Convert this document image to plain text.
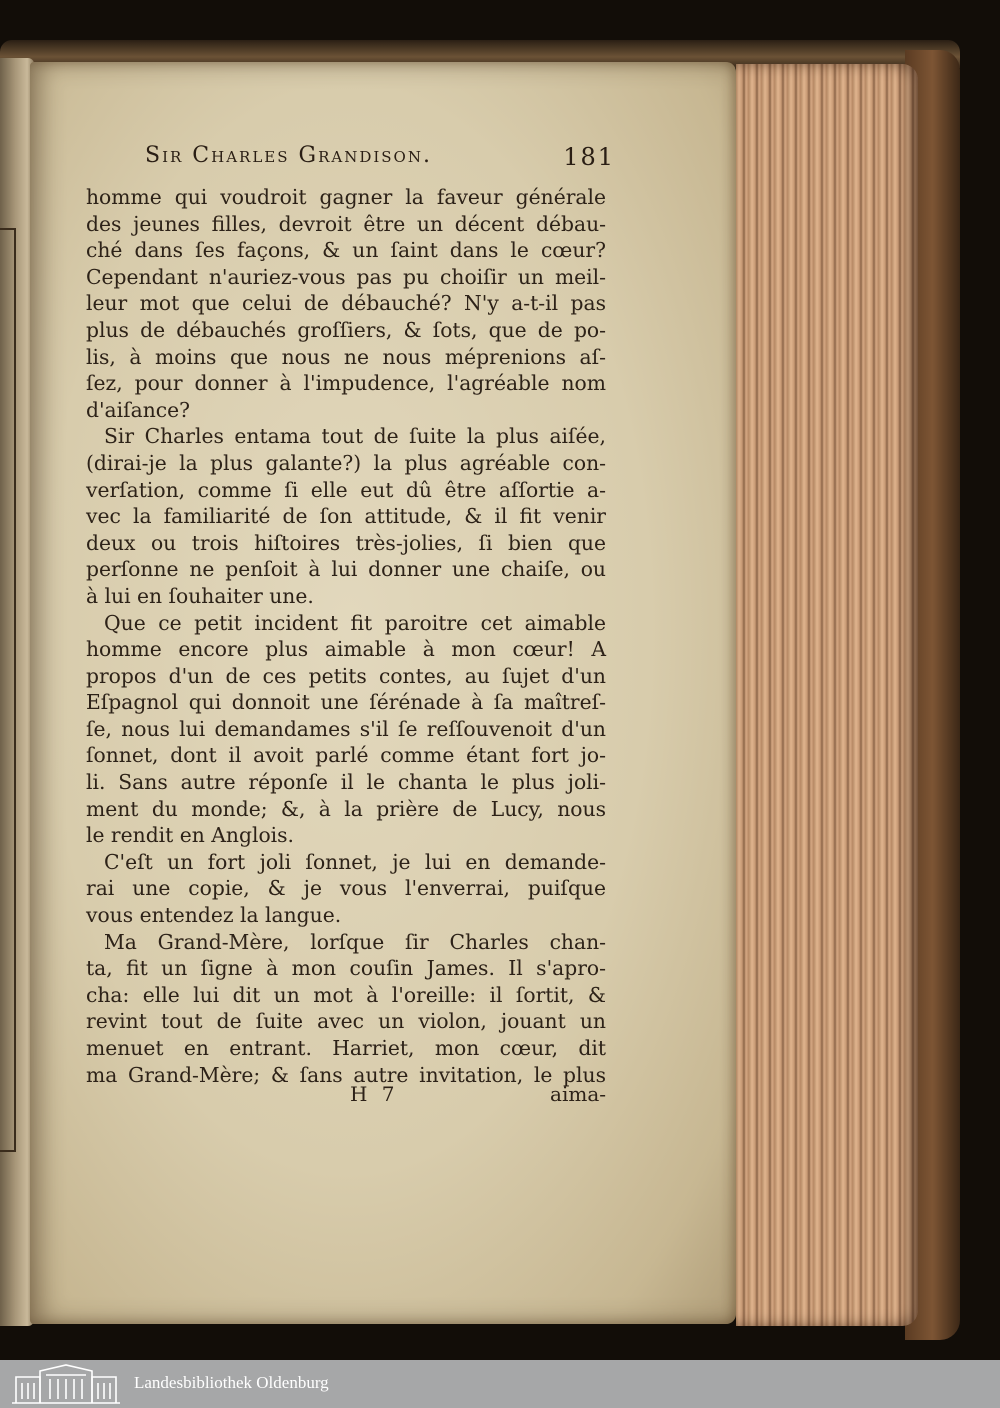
Sir Charles Grandison.	181
homme qui voudroit gagner la faveur générale
des jeunes filles, devroit être un décent débau-
ché dans ſes façons, & un ſaint dans le cœur?
Cependant n'auriez-vous pas pu choiſir un meil-
leur mot que celui de débauché? N'y a-t-il pas
plus de débauchés groſſiers, & ſots, que de po-
lis, à moins que nous ne nous méprenions aſ-
ſez, pour donner à l'impudence, l'agréable nom
d'aiſance?
Sir Charles entama tout de ſuite la plus aiſée,
(dirai-je la plus galante?) la plus agréable con-
verſation, comme ſi elle eut dû être aſſortie a-
vec la familiarité de ſon attitude, & il fit venir
deux ou trois hiſtoires très-jolies, ſi bien que
perſonne ne penſoit à lui donner une chaiſe, ou
à lui en ſouhaiter une.
Que ce petit incident fit paroitre cet aimable
homme encore plus aimable à mon cœur! A
propos d'un de ces petits contes, au ſujet d'un
Eſpagnol qui donnoit une ſérénade à ſa maîtreſ-
ſe, nous lui demandames s'il ſe reſſouvenoit d'un
ſonnet, dont il avoit parlé comme étant fort jo-
li. Sans autre réponſe il le chanta le plus joli-
ment du monde; &, à la prière de Lucy, nous
le rendit en Anglois.
C'eſt un fort joli ſonnet, je lui en demande-
rai une copie, & je vous l'enverrai, puiſque
vous entendez la langue.
Ma Grand-Mère, lorſque ſir Charles chan-
ta, fit un ſigne à mon couſin James. Il s'apro-
cha: elle lui dit un mot à l'oreille: il ſortit, &
revint tout de ſuite avec un violon, jouant un
menuet en entrant. Harriet, mon cœur, dit
ma Grand-Mère; & ſans autre invitation, le plus
H 7	aima-
Landesbibliothek Oldenburg
